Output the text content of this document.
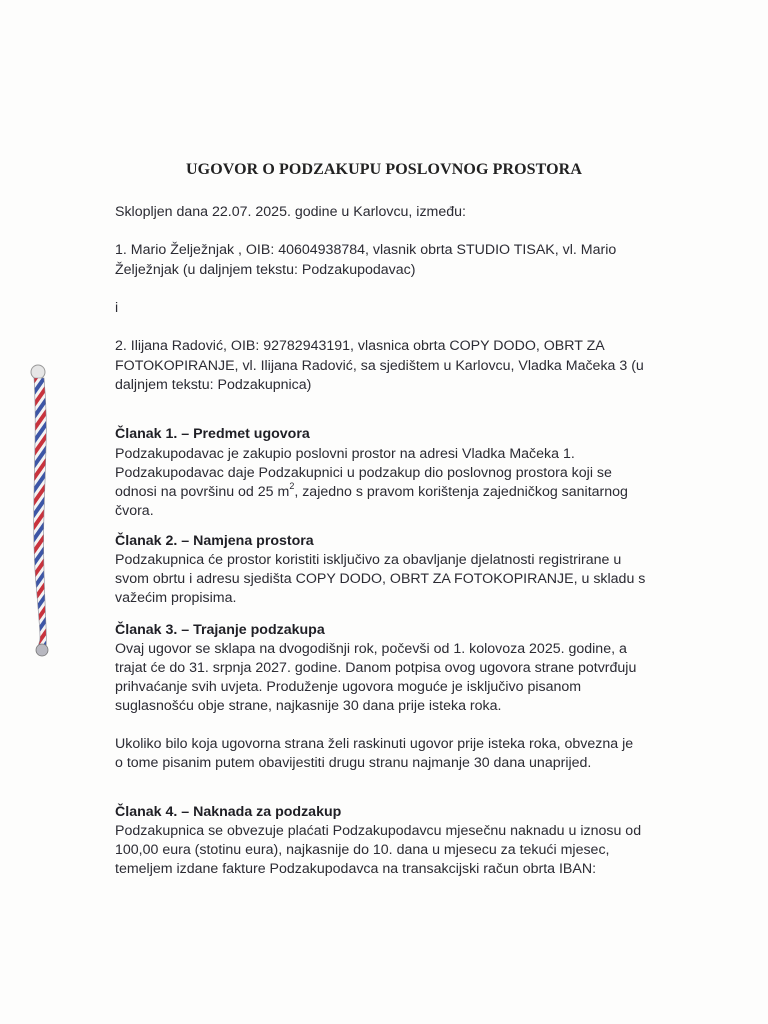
UGOVOR O PODZAKUPU POSLOVNOG PROSTORA
Sklopljen dana 22.07. 2025. godine u Karlovcu, između:
1. Mario Želježnjak , OIB: 40604938784, vlasnik obrta STUDIO TISAK, vl. Mario
Želježnjak (u daljnjem tekstu: Podzakupodavac)
i
2. Ilijana Radović, OIB: 92782943191, vlasnica obrta COPY DODO, OBRT ZA
FOTOKOPIRANJE, vl. Ilijana Radović, sa sjedištem u Karlovcu, Vladka Mačeka 3 (u
daljnjem tekstu: Podzakupnica)
Članak 1. – Predmet ugovora
Podzakupodavac je zakupio poslovni prostor na adresi Vladka Mačeka 1.
Podzakupodavac daje Podzakupnici u podzakup dio poslovnog prostora koji se
odnosi na površinu od 25 $m^2$, zajedno s pravom korištenja zajedničkog sanitarnog
čvora.
Članak 2. – Namjena prostora
Podzakupnica će prostor koristiti isključivo za obavljanje djelatnosti registrirane u
svom obrtu i adresu sjedišta COPY DODO, OBRT ZA FOTOKOPIRANJE, u skladu s
važećim propisima.
Članak 3. – Trajanje podzakupa
Ovaj ugovor se sklapa na dvogodišnji rok, počevši od 1. kolovoza 2025. godine, a
trajat će do 31. srpnja 2027. godine. Danom potpisa ovog ugovora strane potvrđuju
prihvaćanje svih uvjeta. Produženje ugovora moguće je isključivo pisanom
suglasnošću obje strane, najkasnije 30 dana prije isteka roka.
Ukoliko bilo koja ugovorna strana želi raskinuti ugovor prije isteka roka, obvezna je
o tome pisanim putem obavijestiti drugu stranu najmanje 30 dana unaprijed.
Članak 4. – Naknada za podzakup
Podzakupnica se obvezuje plaćati Podzakupodavcu mjesečnu naknadu u iznosu od
100,00 eura (stotinu eura), najkasnije do 10. dana u mjesecu za tekući mjesec,
temeljem izdane fakture Podzakupodavca na transakcijski račun obrta IBAN:
